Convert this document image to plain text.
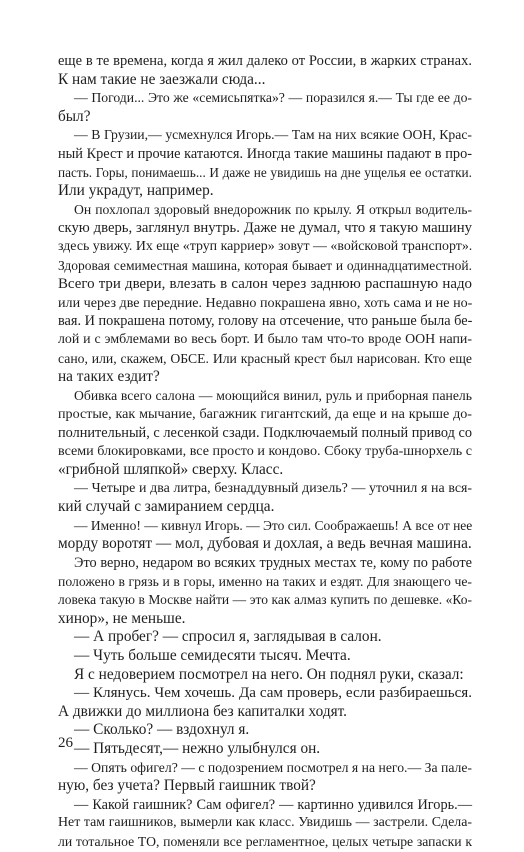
еще в те времена, когда я жил далеко от России, в жарких странах.
К нам такие не заезжали сюда...
— Погоди... Это же «семисьпятка»? — поразился я.— Ты где ее до-
был?
— В Грузии,— усмехнулся Игорь.— Там на них всякие ООН, Крас-
ный Крест и прочие катаются. Иногда такие машины падают в про-
пасть. Горы, понимаешь... И даже не увидишь на дне ущелья ее остатки.
Или украдут, например.
Он похлопал здоровый внедорожник по крылу. Я открыл водитель-
скую дверь, заглянул внутрь. Даже не думал, что я такую машину
здесь увижу. Их еще «труп карриер» зовут — «войсковой транспорт».
Здоровая семиместная машина, которая бывает и одиннадцатиместной.
Всего три двери, влезать в салон через заднюю распашную надо
или через две передние. Недавно покрашена явно, хоть сама и не но-
вая. И покрашена потому, голову на отсечение, что раньше была бе-
лой и с эмблемами во весь борт. И было там что-то вроде ООН напи-
сано, или, скажем, ОБСЕ. Или красный крест был нарисован. Кто еще
на таких ездит?
Обивка всего салона — моющийся винил, руль и приборная панель
простые, как мычание, багажник гигантский, да еще и на крыше до-
полнительный, с лесенкой сзади. Подключаемый полный привод со
всеми блокировками, все просто и кондово. Сбоку труба-шнорхель с
«грибной шляпкой» сверху. Класс.
— Четыре и два литра, безнаддувный дизель? — уточнил я на вся-
кий случай с замиранием сердца.
— Именно! — кивнул Игорь. — Это сил. Соображаешь! А все от нее
морду воротят — мол, дубовая и дохлая, а ведь вечная машина.
Это верно, недаром во всяких трудных местах те, кому по работе
положено в грязь и в горы, именно на таких и ездят. Для знающего че-
ловека такую в Москве найти — это как алмаз купить по дешевке. «Ко-
хинор», не меньше.
— А пробег? — спросил я, заглядывая в салон.
— Чуть больше семидесяти тысяч. Мечта.
Я с недоверием посмотрел на него. Он поднял руки, сказал:
— Клянусь. Чем хочешь. Да сам проверь, если разбираешься.
А движки до миллиона без капиталки ходят.
— Сколько? — вздохнул я.
— Пятьдесят,— нежно улыбнулся он.
— Опять офигел? — с подозрением посмотрел я на него.— За пале-
ную, без учета? Первый гаишник твой?
— Какой гаишник? Сам офигел? — картинно удивился Игорь.—
Нет там гаишников, вымерли как класс. Увидишь — застрели. Сдела-
ли тотальное ТО, поменяли все регламентное, целых четыре запаски к
26
